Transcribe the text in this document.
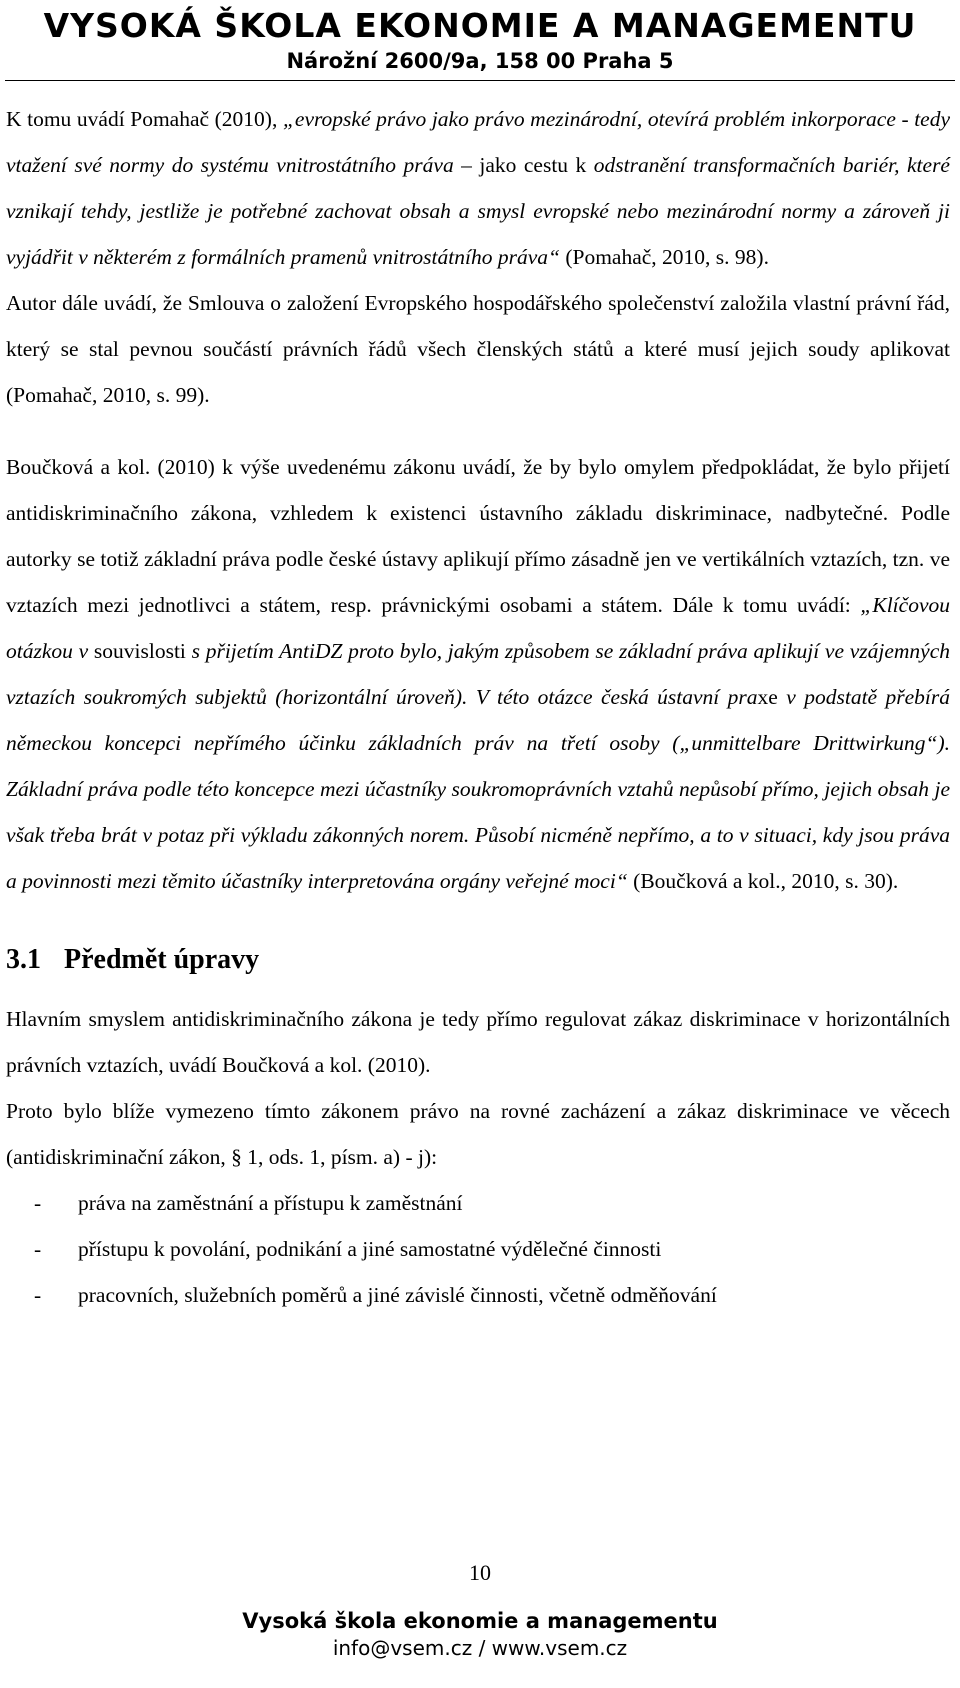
VYSOKÁ ŠKOLA EKONOMIE A MANAGEMENTU
Nárožní 2600/9a, 158 00 Praha 5

K tomu uvádí Pomahač (2010), „evropské právo jako právo mezinárodní, otevírá problém inkorporace - tedy vtažení své normy do systému vnitrostátního práva – jako cestu k odstranění transformačních bariér, které vznikají tehdy, jestliže je potřebné zachovat obsah a smysl evropské nebo mezinárodní normy a zároveň ji vyjádřit v některém z formálních pramenů vnitrostátního práva“ (Pomahač, 2010, s. 98).

Autor dále uvádí, že Smlouva o založení Evropského hospodářského společenství založila vlastní právní řád, který se stal pevnou součástí právních řádů všech členských států a které musí jejich soudy aplikovat (Pomahač, 2010, s. 99).

Boučková a kol. (2010) k výše uvedenému zákonu uvádí, že by bylo omylem předpokládat, že bylo přijetí antidiskriminačního zákona, vzhledem k existenci ústavního základu diskriminace, nadbytečné. Podle autorky se totiž základní práva podle české ústavy aplikují přímo zásadně jen ve vertikálních vztazích, tzn. ve vztazích mezi jednotlivci a státem, resp. právnickými osobami a státem. Dále k tomu uvádí: „Klíčovou otázkou v souvislosti s přijetím AntiDZ proto bylo, jakým způsobem se základní práva aplikují ve vzájemných vztazích soukromých subjektů (horizontální úroveň). V této otázce česká ústavní praxe v podstatě přebírá německou koncepci nepřímého účinku základních práv na třetí osoby („unmittelbare Drittwirkung“). Základní práva podle této koncepce mezi účastníky soukromoprávních vztahů nepůsobí přímo, jejich obsah je však třeba brát v potaz při výkladu zákonných norem. Působí nicméně nepřímo, a to v situaci, kdy jsou práva a povinnosti mezi těmito účastníky interpretována orgány veřejné moci“ (Boučková a kol., 2010, s. 30).

3.1 Předmět úpravy

Hlavním smyslem antidiskriminačního zákona je tedy přímo regulovat zákaz diskriminace v horizontálních právních vztazích, uvádí Boučková a kol. (2010).

Proto bylo blíže vymezeno tímto zákonem právo na rovné zacházení a zákaz diskriminace ve věcech (antidiskriminační zákon, § 1, ods. 1, písm. a) - j):

-	práva na zaměstnání a přístupu k zaměstnání
-	přístupu k povolání, podnikání a jiné samostatné výdělečné činnosti
-	pracovních, služebních poměrů a jiné závislé činnosti, včetně odměňování
10
Vysoká škola ekonomie a managementu
info@vsem.cz / www.vsem.cz
